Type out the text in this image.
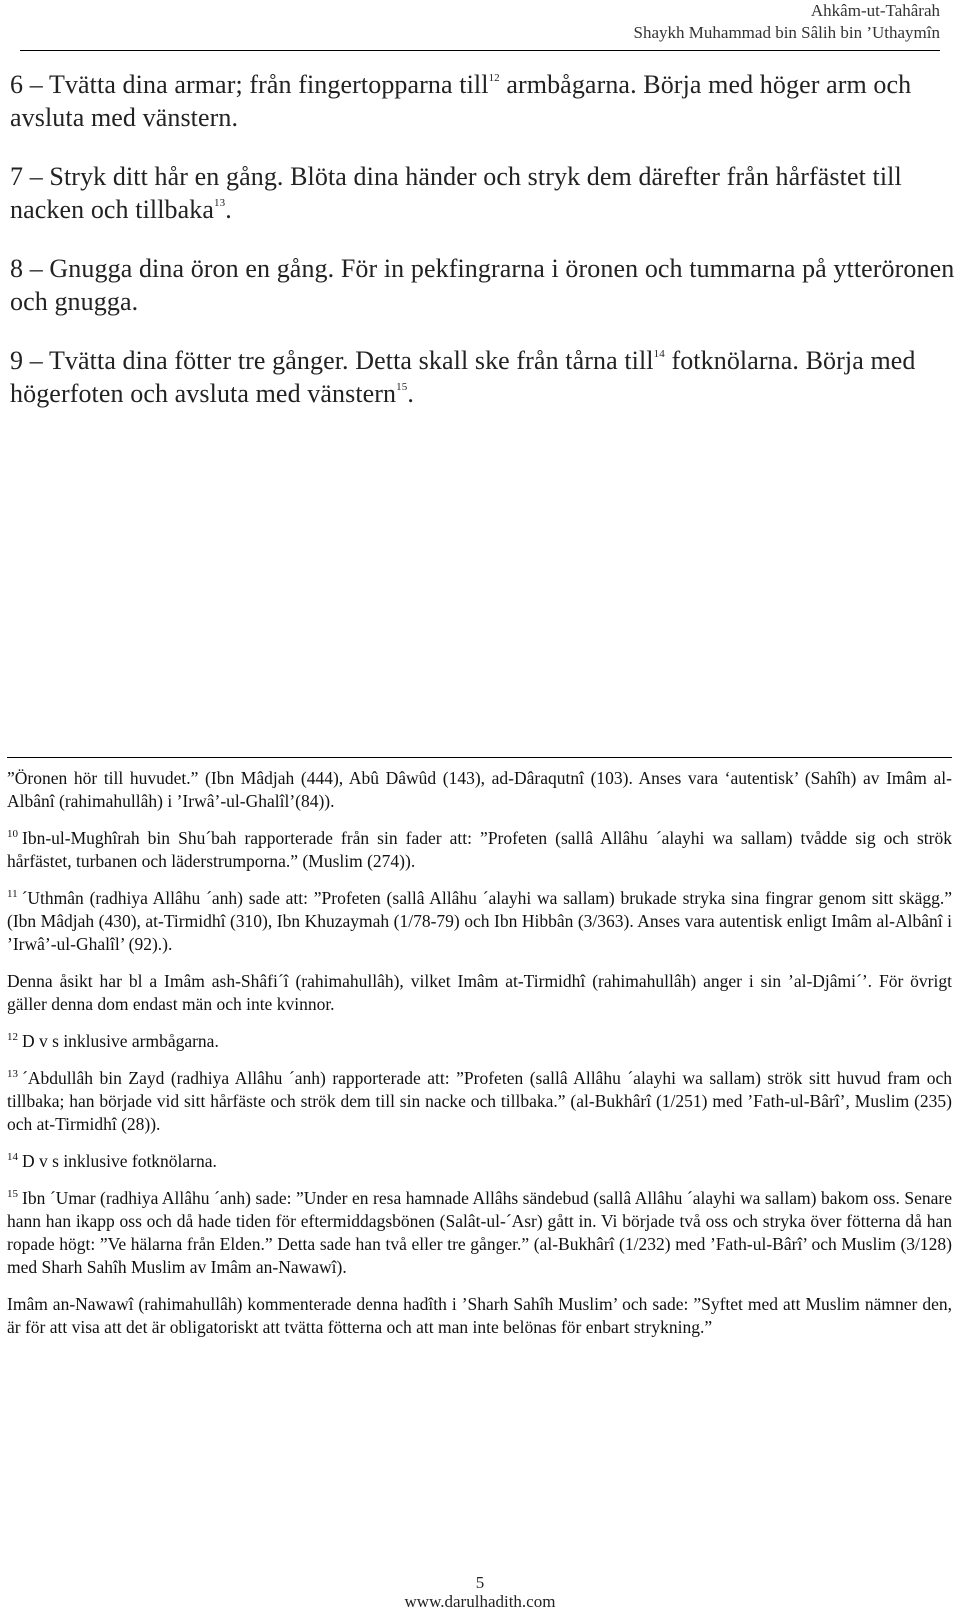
Ahkâm-ut-Tahârah
Shaykh Muhammad bin Sâlih bin ’Uthaymîn

6 – Tvätta dina armar; från fingertopparna till$^{12}$ armbågarna. Börja med höger arm och avsluta med vänstern.

7 – Stryk ditt hår en gång. Blöta dina händer och stryk dem därefter från hårfästet till nacken och tillbaka$^{13}$.

8 – Gnugga dina öron en gång. För in pekfingrarna i öronen och tummarna på ytteröronen och gnugga.

9 – Tvätta dina fötter tre gånger. Detta skall ske från tårna till$^{14}$ fotknölarna. Börja med högerfoten och avsluta med vänstern$^{15}$.

”Öronen hör till huvudet.” (Ibn Mâdjah (444), Abû Dâwûd (143), ad-Dâraqutnî (103). Anses vara ‘autentisk’ (Sahîh) av Imâm al-Albânî (rahimahullâh) i ’Irwâ’-ul-Ghalîl’(84)).

$^{10}$ Ibn-ul-Mughîrah bin Shu´bah rapporterade från sin fader att: ”Profeten (sallâ Allâhu ´alayhi wa sallam) tvådde sig och strök hårfästet, turbanen och läderstrumporna.” (Muslim (274)).

$^{11}$ ´Uthmân (radhiya Allâhu ´anh) sade att: ”Profeten (sallâ Allâhu ´alayhi wa sallam) brukade stryka sina fingrar genom sitt skägg.” (Ibn Mâdjah (430), at-Tirmidhî (310), Ibn Khuzaymah (1/78-79) och Ibn Hibbân (3/363). Anses vara autentisk enligt Imâm al-Albânî i ’Irwâ’-ul-Ghalîl’ (92).).

Denna åsikt har bl a Imâm ash-Shâfi´î (rahimahullâh), vilket Imâm at-Tirmidhî (rahimahullâh) anger i sin ’al-Djâmi´’. För övrigt gäller denna dom endast män och inte kvinnor.

$^{12}$ D v s inklusive armbågarna.

$^{13}$ ´Abdullâh bin Zayd (radhiya Allâhu ´anh) rapporterade att: ”Profeten (sallâ Allâhu ´alayhi wa sallam) strök sitt huvud fram och tillbaka; han började vid sitt hårfäste och strök dem till sin nacke och tillbaka.” (al-Bukhârî (1/251) med ’Fath-ul-Bârî’, Muslim (235) och at-Tirmidhî (28)).

$^{14}$ D v s inklusive fotknölarna.

$^{15}$ Ibn ´Umar (radhiya Allâhu ´anh) sade: ”Under en resa hamnade Allâhs sändebud (sallâ Allâhu ´alayhi wa sallam) bakom oss. Senare hann han ikapp oss och då hade tiden för eftermiddagsbönen (Salât-ul-´Asr) gått in. Vi började två oss och stryka över fötterna då han ropade högt: ”Ve hälarna från Elden.” Detta sade han två eller tre gånger.” (al-Bukhârî (1/232) med ’Fath-ul-Bârî’ och Muslim (3/128) med Sharh Sahîh Muslim av Imâm an-Nawawî).

Imâm an-Nawawî (rahimahullâh) kommenterade denna hadîth i ’Sharh Sahîh Muslim’ och sade: ”Syftet med att Muslim nämner den, är för att visa att det är obligatoriskt att tvätta fötterna och att man inte belönas för enbart strykning.”

5
www.darulhadith.com
